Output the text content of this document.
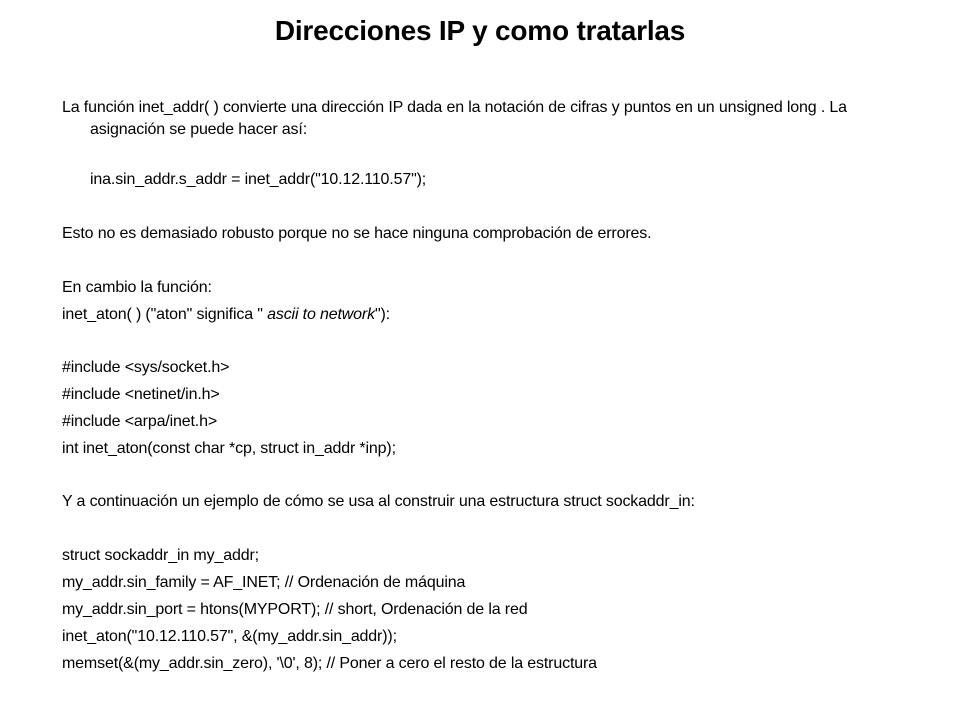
Direcciones IP y como tratarlas
La función inet_addr( ) convierte una dirección IP dada en la notación de cifras y puntos en un unsigned long . La asignación se puede hacer así:
ina.sin_addr.s_addr = inet_addr("10.12.110.57");
Esto no es demasiado robusto porque no se hace ninguna comprobación de errores.
En cambio la función:
inet_aton( ) ("aton" significa " ascii to network"):
#include <sys/socket.h>
#include <netinet/in.h>
#include <arpa/inet.h>
int inet_aton(const char *cp, struct in_addr *inp);
Y a continuación un ejemplo de cómo se usa al construir una estructura struct sockaddr_in:
struct sockaddr_in my_addr;
my_addr.sin_family = AF_INET; // Ordenación de máquina
my_addr.sin_port = htons(MYPORT); // short, Ordenación de la red
inet_aton("10.12.110.57", &(my_addr.sin_addr));
memset(&(my_addr.sin_zero), '\0', 8); // Poner a cero el resto de la estructura
